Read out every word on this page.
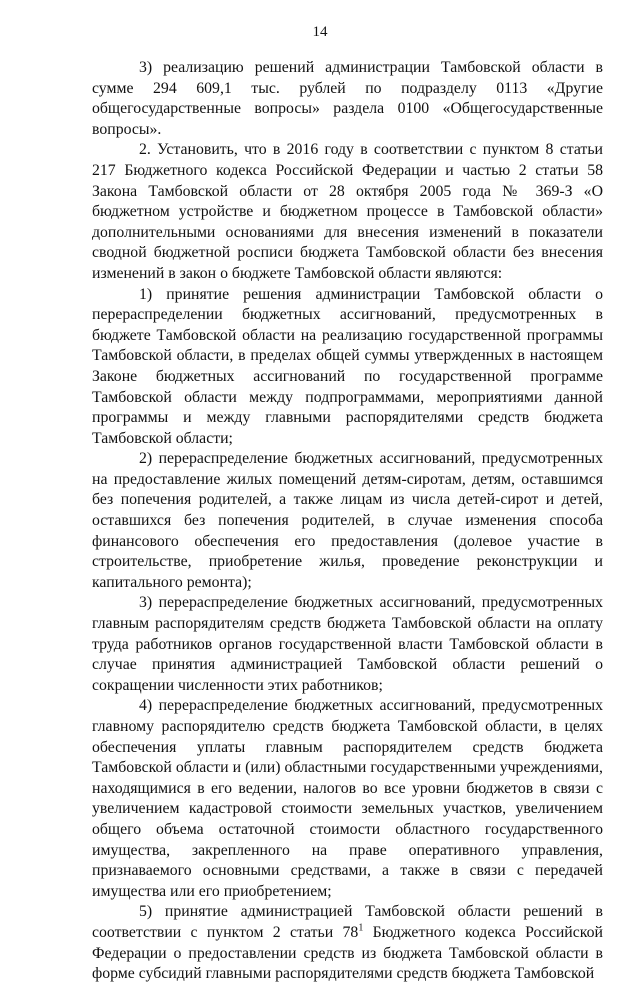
14

3) реализацию решений администрации Тамбовской области в сумме 294 609,1 тыс. рублей по подразделу 0113 «Другие общегосударственные вопросы» раздела 0100 «Общегосударственные вопросы».

2. Установить, что в 2016 году в соответствии с пунктом 8 статьи 217 Бюджетного кодекса Российской Федерации и частью 2 статьи 58 Закона Тамбовской области от 28 октября 2005 года № 369-З «О бюджетном устройстве и бюджетном процессе в Тамбовской области» дополнительными основаниями для внесения изменений в показатели сводной бюджетной росписи бюджета Тамбовской области без внесения изменений в закон о бюджете Тамбовской области являются:

1) принятие решения администрации Тамбовской области о перераспределении бюджетных ассигнований, предусмотренных в бюджете Тамбовской области на реализацию государственной программы Тамбовской области, в пределах общей суммы утвержденных в настоящем Законе бюджетных ассигнований по государственной программе Тамбовской области между подпрограммами, мероприятиями данной программы и между главными распорядителями средств бюджета Тамбовской области;

2) перераспределение бюджетных ассигнований, предусмотренных на предоставление жилых помещений детям-сиротам, детям, оставшимся без попечения родителей, а также лицам из числа детей-сирот и детей, оставшихся без попечения родителей, в случае изменения способа финансового обеспечения его предоставления (долевое участие в строительстве, приобретение жилья, проведение реконструкции и капитального ремонта);

3) перераспределение бюджетных ассигнований, предусмотренных главным распорядителям средств бюджета Тамбовской области на оплату труда работников органов государственной власти Тамбовской области в случае принятия администрацией Тамбовской области решений о сокращении численности этих работников;

4) перераспределение бюджетных ассигнований, предусмотренных главному распорядителю средств бюджета Тамбовской области, в целях обеспечения уплаты главным распорядителем средств бюджета Тамбовской области и (или) областными государственными учреждениями, находящимися в его ведении, налогов во все уровни бюджетов в связи с увеличением кадастровой стоимости земельных участков, увеличением общего объема остаточной стоимости областного государственного имущества, закрепленного на праве оперативного управления, признаваемого основными средствами, а также в связи с передачей имущества или его приобретением;

5) принятие администрацией Тамбовской области решений в соответствии с пунктом 2 статьи $78^1$ Бюджетного кодекса Российской Федерации о предоставлении средств из бюджета Тамбовской области в форме субсидий главными распорядителями средств бюджета Тамбовской
